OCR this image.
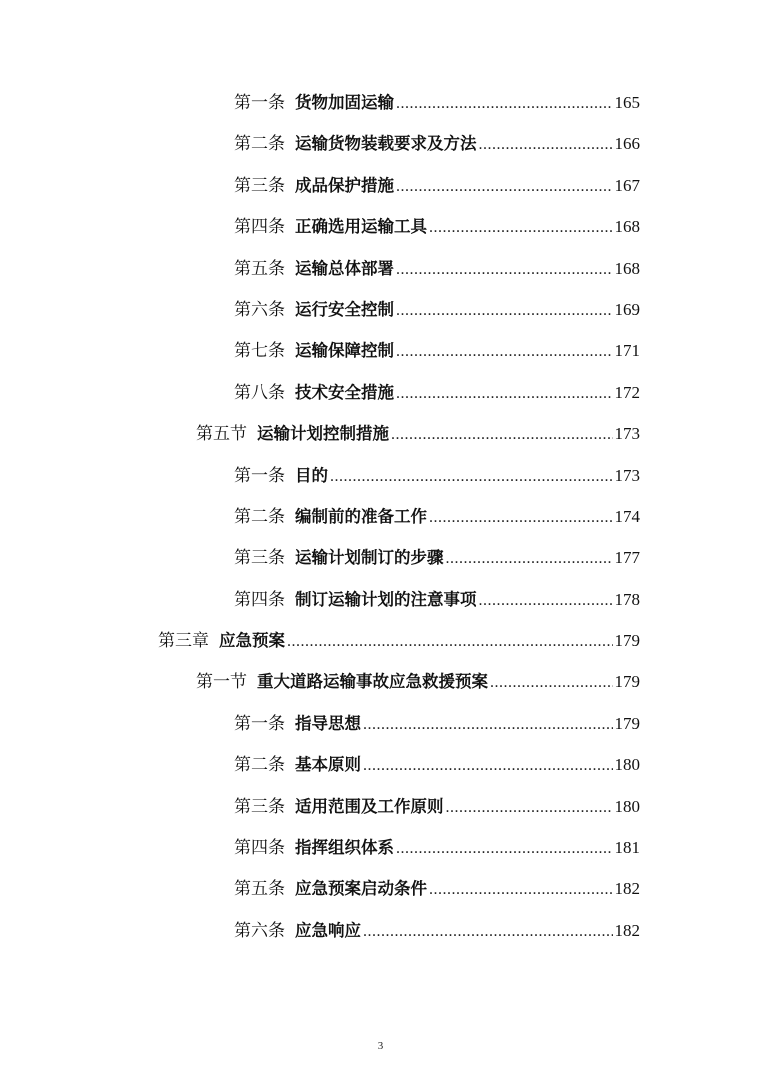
第一条 货物加固运输 .....	165
第二条 运输货物装载要求及方法 .....	166
第三条 成品保护措施 .....	167
第四条 正确选用运输工具 .....	168
第五条 运输总体部署 .....	168
第六条 运行安全控制 .....	169
第七条 运输保障控制 .....	171
第八条 技术安全措施 .....	172
第五节 运输计划控制措施 .....	173
第一条 目的 .....	173
第二条 编制前的准备工作 .....	174
第三条 运输计划制订的步骤 .....	177
第四条 制订运输计划的注意事项 .....	178
第三章 应急预案 .....	179
第一节 重大道路运输事故应急救援预案 .....	179
第一条 指导思想 .....	179
第二条 基本原则 .....	180
第三条 适用范围及工作原则 .....	180
第四条 指挥组织体系 .....	181
第五条 应急预案启动条件 .....	182
第六条 应急响应 .....	182
3
